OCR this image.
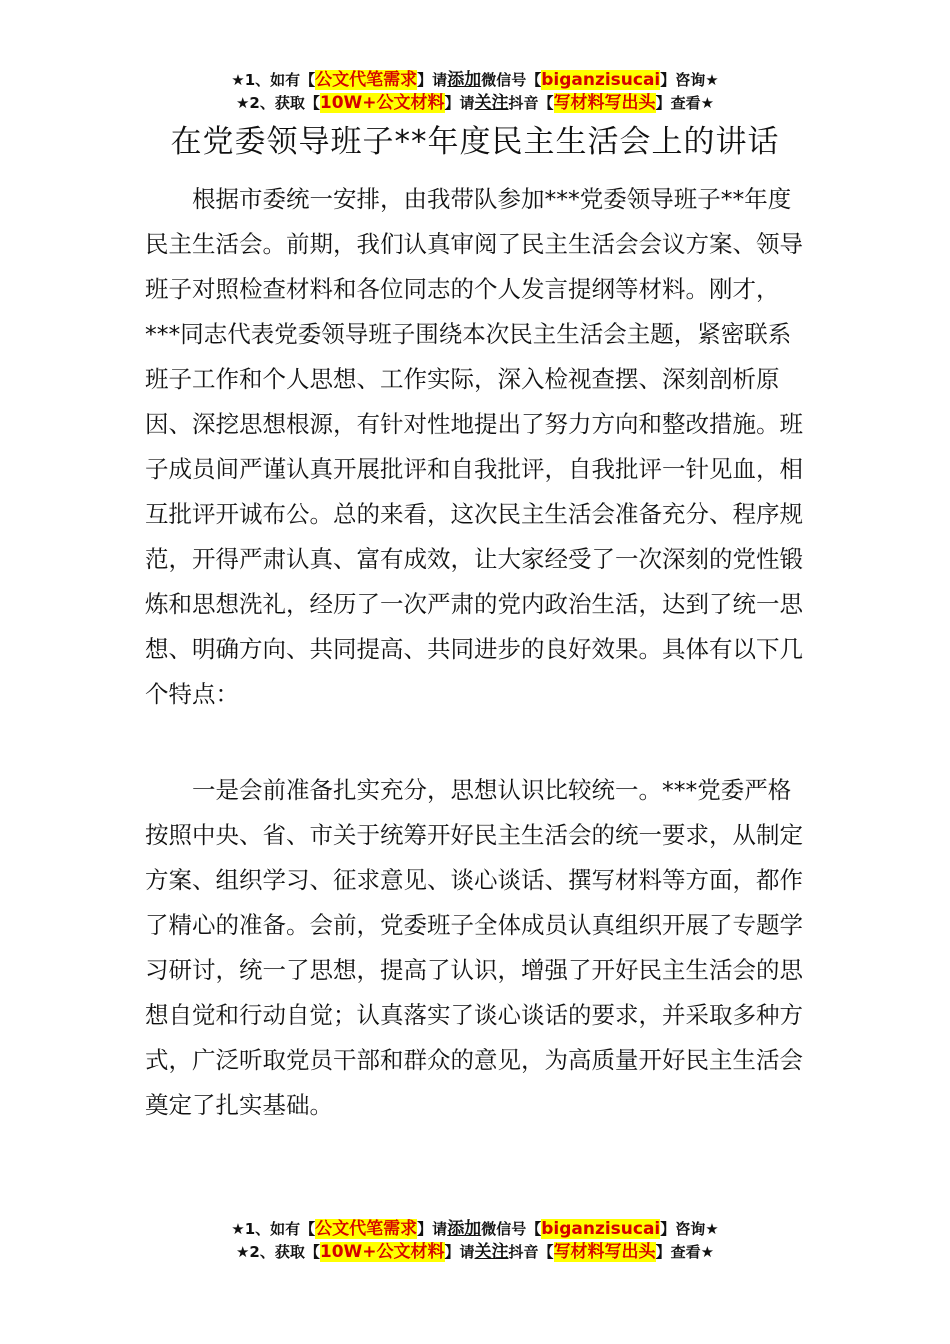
★1、如有【公文代笔需求】请添加微信号【biganzisucai】咨询★
★2、获取【10W+公文材料】请关注抖音【写材料写出头】查看★
在党委领导班子**年度民主生活会上的讲话

根据市委统一安排，由我带队参加***党委领导班子**年度民主生活会。前期，我们认真审阅了民主生活会会议方案、领导班子对照检查材料和各位同志的个人发言提纲等材料。刚才，***同志代表党委领导班子围绕本次民主生活会主题，紧密联系班子工作和个人思想、工作实际，深入检视查摆、深刻剖析原因、深挖思想根源，有针对性地提出了努力方向和整改措施。班子成员间严谨认真开展批评和自我批评，自我批评一针见血，相互批评开诚布公。总的来看，这次民主生活会准备充分、程序规范，开得严肃认真、富有成效，让大家经受了一次深刻的党性锻炼和思想洗礼，经历了一次严肃的党内政治生活，达到了统一思想、明确方向、共同提高、共同进步的良好效果。具体有以下几个特点：

一是会前准备扎实充分，思想认识比较统一。***党委严格按照中央、省、市关于统筹开好民主生活会的统一要求，从制定方案、组织学习、征求意见、谈心谈话、撰写材料等方面，都作了精心的准备。会前，党委班子全体成员认真组织开展了专题学习研讨，统一了思想，提高了认识，增强了开好民主生活会的思想自觉和行动自觉；认真落实了谈心谈话的要求，并采取多种方式，广泛听取党员干部和群众的意见，为高质量开好民主生活会奠定了扎实基础。

★1、如有【公文代笔需求】请添加微信号【biganzisucai】咨询★
★2、获取【10W+公文材料】请关注抖音【写材料写出头】查看★
